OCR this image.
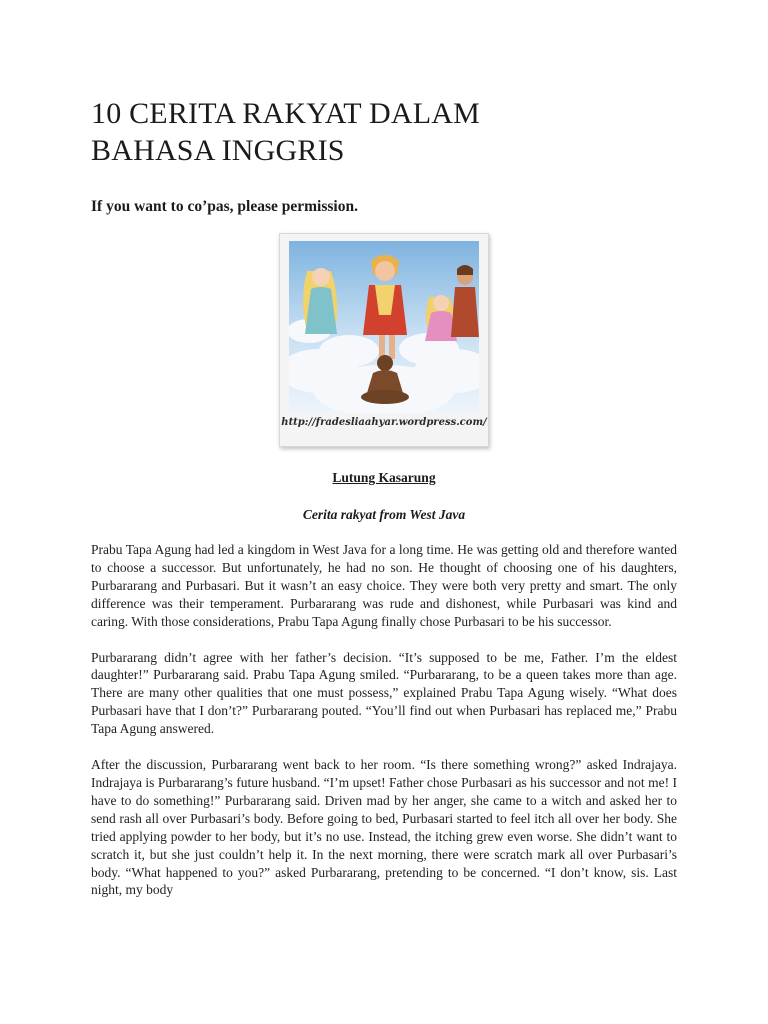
10 CERITA RAKYAT DALAM
BAHASA INGGRIS

If you want to co’pas, please permission.

http://fradesliaahyar.wordpress.com/

Lutung Kasarung

Cerita rakyat from West Java

Prabu Tapa Agung had led a kingdom in West Java for a long time. He was getting old and therefore wanted to choose a successor. But unfortunately, he had no son. He thought of choosing one of his daughters, Purbararang and Purbasari. But it wasn’t an easy choice. They were both very pretty and smart. The only difference was their temperament. Purbararang was rude and dishonest, while Purbasari was kind and caring. With those considerations, Prabu Tapa Agung finally chose Purbasari to be his successor.

Purbararang didn’t agree with her father’s decision. “It’s supposed to be me, Father. I’m the eldest daughter!” Purbararang said. Prabu Tapa Agung smiled. “Purbararang, to be a queen takes more than age. There are many other qualities that one must possess,” explained Prabu Tapa Agung wisely. “What does Purbasari have that I don’t?” Purbararang pouted. “You’ll find out when Purbasari has replaced me,” Prabu Tapa Agung answered.

After the discussion, Purbararang went back to her room. “Is there something wrong?” asked Indrajaya. Indrajaya is Purbararang’s future husband. “I’m upset! Father chose Purbasari as his successor and not me! I have to do something!” Purbararang said. Driven mad by her anger, she came to a witch and asked her to send rash all over Purbasari’s body. Before going to bed, Purbasari started to feel itch all over her body. She tried applying powder to her body, but it’s no use. Instead, the itching grew even worse. She didn’t want to scratch it, but she just couldn’t help it. In the next morning, there were scratch mark all over Purbasari’s body. “What happened to you?” asked Purbararang, pretending to be concerned. “I don’t know, sis. Last night, my body
